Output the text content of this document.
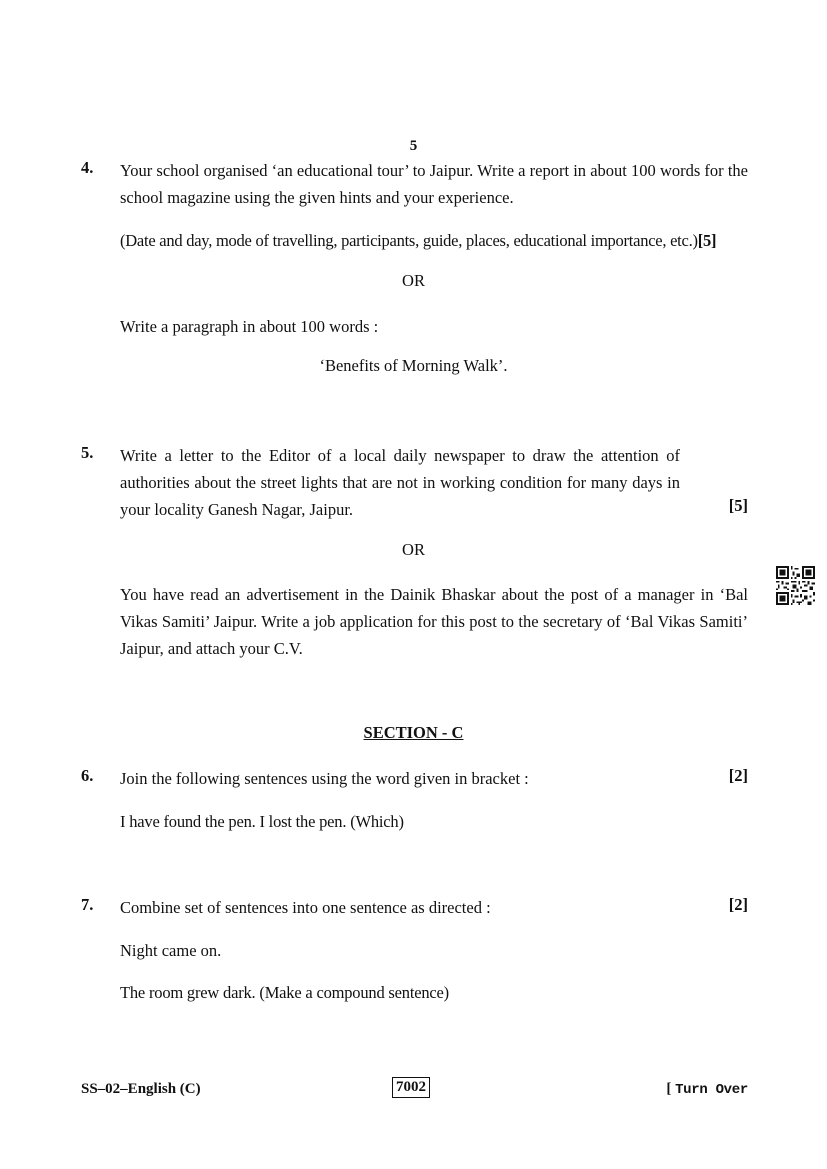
5
4. Your school organised ‘an educational tour’ to Jaipur. Write a report in about 100 words for the school magazine using the given hints and your experience.
(Date and day, mode of travelling, participants, guide, places, educational importance, etc.)[5]
OR
Write a paragraph in about 100 words :
‘Benefits of Morning Walk’.
5. Write a letter to the Editor of a local daily newspaper to draw the attention of authorities about the street lights that are not in working condition for many days in your locality Ganesh Nagar, Jaipur.	[5]
OR
You have read an advertisement in the Dainik Bhaskar about the post of a manager in ‘Bal Vikas Samiti’ Jaipur. Write a job application for this post to the secretary of ‘Bal Vikas Samiti’ Jaipur, and attach your C.V.
SECTION - C
6. Join the following sentences using the word given in bracket :	[2]
I have found the pen. I lost the pen. (Which)
7. Combine set of sentences into one sentence as directed :	[2]
Night came on.
The room grew dark. (Make a compound sentence)
SS–02–English (C)	7002	[ Turn Over
